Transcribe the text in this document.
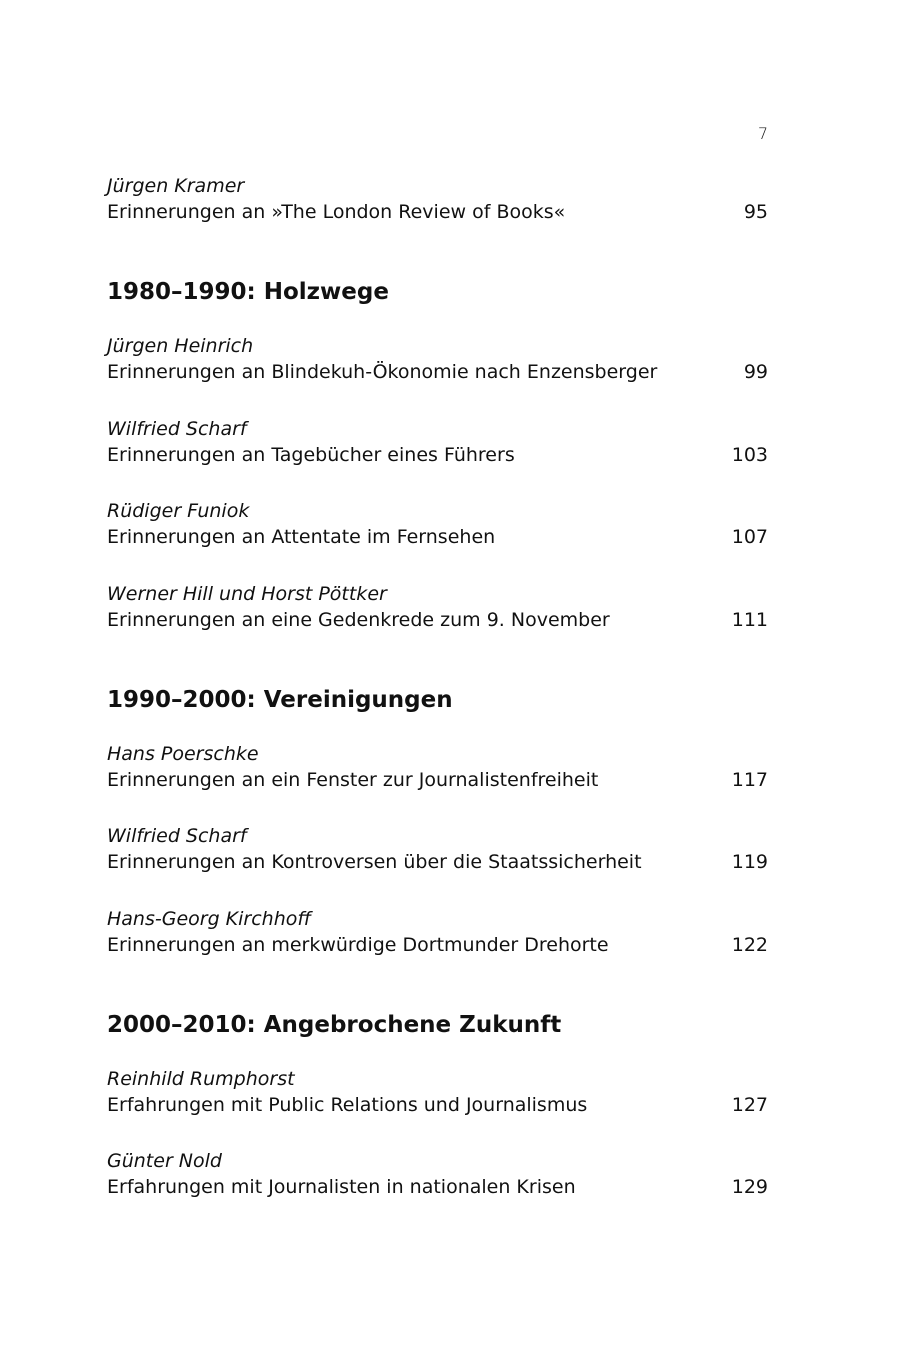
7
Jürgen Kramer
Erinnerungen an »The London Review of Books«	95
1980–1990: Holzwege
Jürgen Heinrich
Erinnerungen an Blindekuh-Ökonomie nach Enzensberger	99
Wilfried Scharf
Erinnerungen an Tagebücher eines Führers	103
Rüdiger Funiok
Erinnerungen an Attentate im Fernsehen	107
Werner Hill und Horst Pöttker
Erinnerungen an eine Gedenkrede zum 9. November	111
1990–2000: Vereinigungen
Hans Poerschke
Erinnerungen an ein Fenster zur Journalistenfreiheit	117
Wilfried Scharf
Erinnerungen an Kontroversen über die Staatssicherheit	119
Hans-Georg Kirchhoff
Erinnerungen an merkwürdige Dortmunder Drehorte	122
2000–2010: Angebrochene Zukunft
Reinhild Rumphorst
Erfahrungen mit Public Relations und Journalismus	127
Günter Nold
Erfahrungen mit Journalisten in nationalen Krisen	129
